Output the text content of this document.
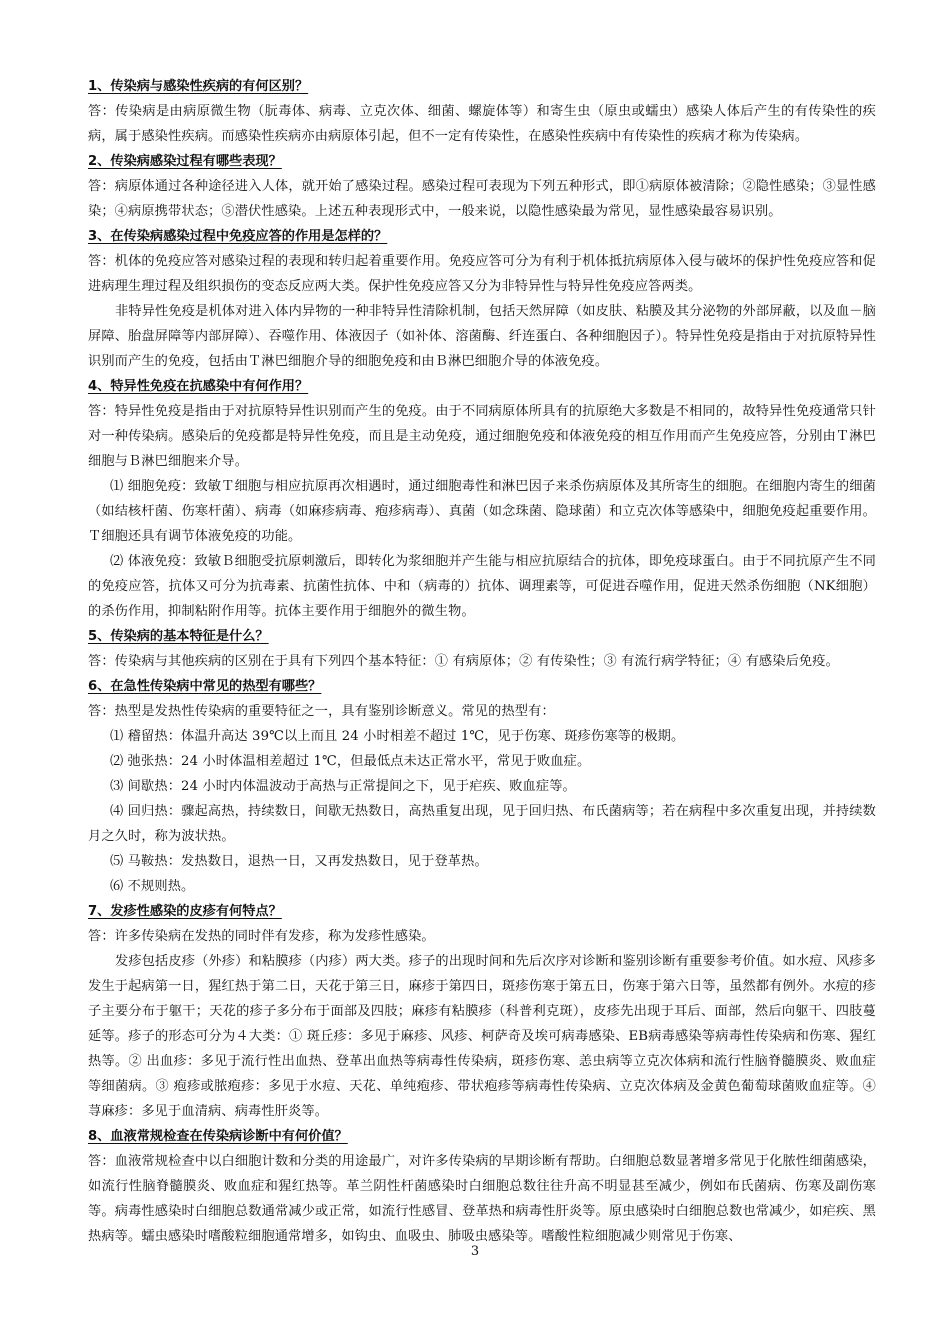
1、传染病与感染性疾病的有何区别？

答：传染病是由病原微生物（朊毒体、病毒、立克次体、细菌、螺旋体等）和寄生虫（原虫或蠕虫）感染人体后产生的有传染性的疾病，属于感染性疾病。而感染性疾病亦由病原体引起，但不一定有传染性，在感染性疾病中有传染性的疾病才称为传染病。

2、传染病感染过程有哪些表现？

答：病原体通过各种途径进入人体，就开始了感染过程。感染过程可表现为下列五种形式，即①病原体被清除；②隐性感染；③显性感染；④病原携带状态；⑤潜伏性感染。上述五种表现形式中，一般来说，以隐性感染最为常见，显性感染最容易识别。

3、在传染病感染过程中免疫应答的作用是怎样的？

答：机体的免疫应答对感染过程的表现和转归起着重要作用。免疫应答可分为有利于机体抵抗病原体入侵与破坏的保护性免疫应答和促进病理生理过程及组织损伤的变态反应两大类。保护性免疫应答又分为非特异性与特异性免疫应答两类。

非特异性免疫是机体对进入体内异物的一种非特异性清除机制，包括天然屏障（如皮肤、粘膜及其分泌物的外部屏蔽，以及血－脑屏障、胎盘屏障等内部屏障）、吞噬作用、体液因子（如补体、溶菌酶、纤连蛋白、各种细胞因子）。特异性免疫是指由于对抗原特异性识别而产生的免疫，包括由Ｔ淋巴细胞介导的细胞免疫和由Ｂ淋巴细胞介导的体液免疫。

4、特异性免疫在抗感染中有何作用？

答：特异性免疫是指由于对抗原特异性识别而产生的免疫。由于不同病原体所具有的抗原绝大多数是不相同的，故特异性免疫通常只针对一种传染病。感染后的免疫都是特异性免疫，而且是主动免疫，通过细胞免疫和体液免疫的相互作用而产生免疫应答，分别由Ｔ淋巴细胞与Ｂ淋巴细胞来介导。

⑴ 细胞免疫：致敏Ｔ细胞与相应抗原再次相遇时，通过细胞毒性和淋巴因子来杀伤病原体及其所寄生的细胞。在细胞内寄生的细菌（如结核杆菌、伤寒杆菌）、病毒（如麻疹病毒、疱疹病毒）、真菌（如念珠菌、隐球菌）和立克次体等感染中，细胞免疫起重要作用。Ｔ细胞还具有调节体液免疫的功能。

⑵ 体液免疫：致敏Ｂ细胞受抗原刺激后，即转化为浆细胞并产生能与相应抗原结合的抗体，即免疫球蛋白。由于不同抗原产生不同的免疫应答，抗体又可分为抗毒素、抗菌性抗体、中和（病毒的）抗体、调理素等，可促进吞噬作用，促进天然杀伤细胞（NK细胞）的杀伤作用，抑制粘附作用等。抗体主要作用于细胞外的微生物。

5、传染病的基本特征是什么？

答：传染病与其他疾病的区别在于具有下列四个基本特征：① 有病原体；② 有传染性；③ 有流行病学特征；④ 有感染后免疫。

6、在急性传染病中常见的热型有哪些？

答：热型是发热性传染病的重要特征之一，具有鉴别诊断意义。常见的热型有：

⑴ 稽留热：体温升高达 39℃以上而且 24 小时相差不超过 1℃，见于伤寒、斑疹伤寒等的极期。

⑵ 弛张热：24 小时体温相差超过 1℃，但最低点未达正常水平，常见于败血症。

⑶ 间歇热：24 小时内体温波动于高热与正常提间之下，见于疟疾、败血症等。

⑷ 回归热：骤起高热，持续数日，间歇无热数日，高热重复出现，见于回归热、布氏菌病等；若在病程中多次重复出现，并持续数月之久时，称为波状热。

⑸ 马鞍热：发热数日，退热一日，又再发热数日，见于登革热。

⑹ 不规则热。

7、发疹性感染的皮疹有何特点？

答：许多传染病在发热的同时伴有发疹，称为发疹性感染。

发疹包括皮疹（外疹）和粘膜疹（内疹）两大类。疹子的出现时间和先后次序对诊断和鉴别诊断有重要参考价值。如水痘、风疹多发生于起病第一日，猩红热于第二日，天花于第三日，麻疹于第四日，斑疹伤寒于第五日，伤寒于第六日等，虽然都有例外。水痘的疹子主要分布于躯干；天花的疹子多分布于面部及四肢；麻疹有粘膜疹（科普利克斑），皮疹先出现于耳后、面部，然后向躯干、四肢蔓延等。疹子的形态可分为４大类：① 斑丘疹：多见于麻疹、风疹、柯萨奇及埃可病毒感染、EB病毒感染等病毒性传染病和伤寒、猩红热等。② 出血疹：多见于流行性出血热、登革出血热等病毒性传染病，斑疹伤寒、恙虫病等立克次体病和流行性脑脊髓膜炎、败血症等细菌病。③ 疱疹或脓疱疹：多见于水痘、天花、单纯疱疹、带状疱疹等病毒性传染病、立克次体病及金黄色葡萄球菌败血症等。④ 荨麻疹：多见于血清病、病毒性肝炎等。

8、血液常规检查在传染病诊断中有何价值？

答：血液常规检查中以白细胞计数和分类的用途最广，对许多传染病的早期诊断有帮助。白细胞总数显著增多常见于化脓性细菌感染，如流行性脑脊髓膜炎、败血症和猩红热等。革兰阴性杆菌感染时白细胞总数往往升高不明显甚至减少，例如布氏菌病、伤寒及副伤寒等。病毒性感染时白细胞总数通常减少或正常，如流行性感冒、登革热和病毒性肝炎等。原虫感染时白细胞总数也常减少，如疟疾、黑热病等。蠕虫感染时嗜酸粒细胞通常增多，如钩虫、血吸虫、肺吸虫感染等。嗜酸性粒细胞减少则常见于伤寒、

3
